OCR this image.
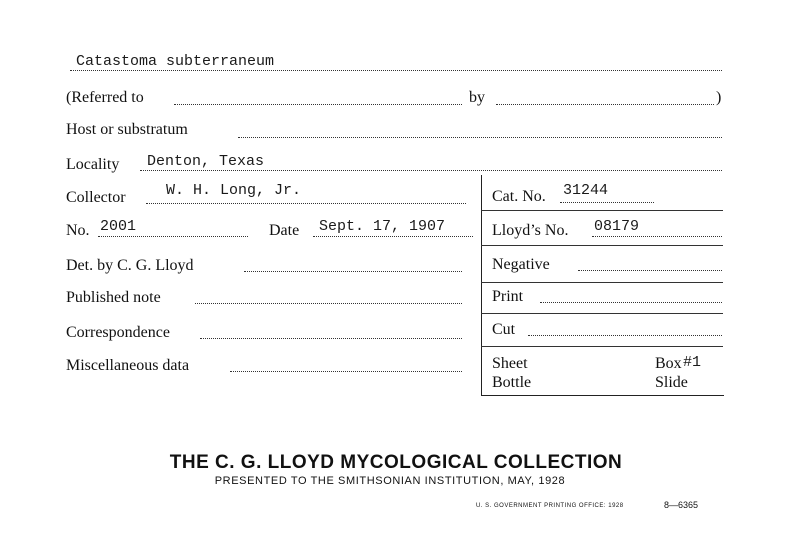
Catastoma subterraneum
(Referred to	by	)
Host or substratum
Locality Denton, Texas
Collector	W. H. Long, Jr.
No. 2001	Date Sept. 17, 1907
Det. by C. G. Lloyd
Published note
Correspondence
Miscellaneous data
Cat. No. 31244
Lloyd’s No. 08179
Negative
Print
Cut
Sheet	Box #1
Bottle	Slide
THE C. G. LLOYD MYCOLOGICAL COLLECTION
PRESENTED TO THE SMITHSONIAN INSTITUTION, MAY, 1928
U. S. GOVERNMENT PRINTING OFFICE: 1928	8—6365
